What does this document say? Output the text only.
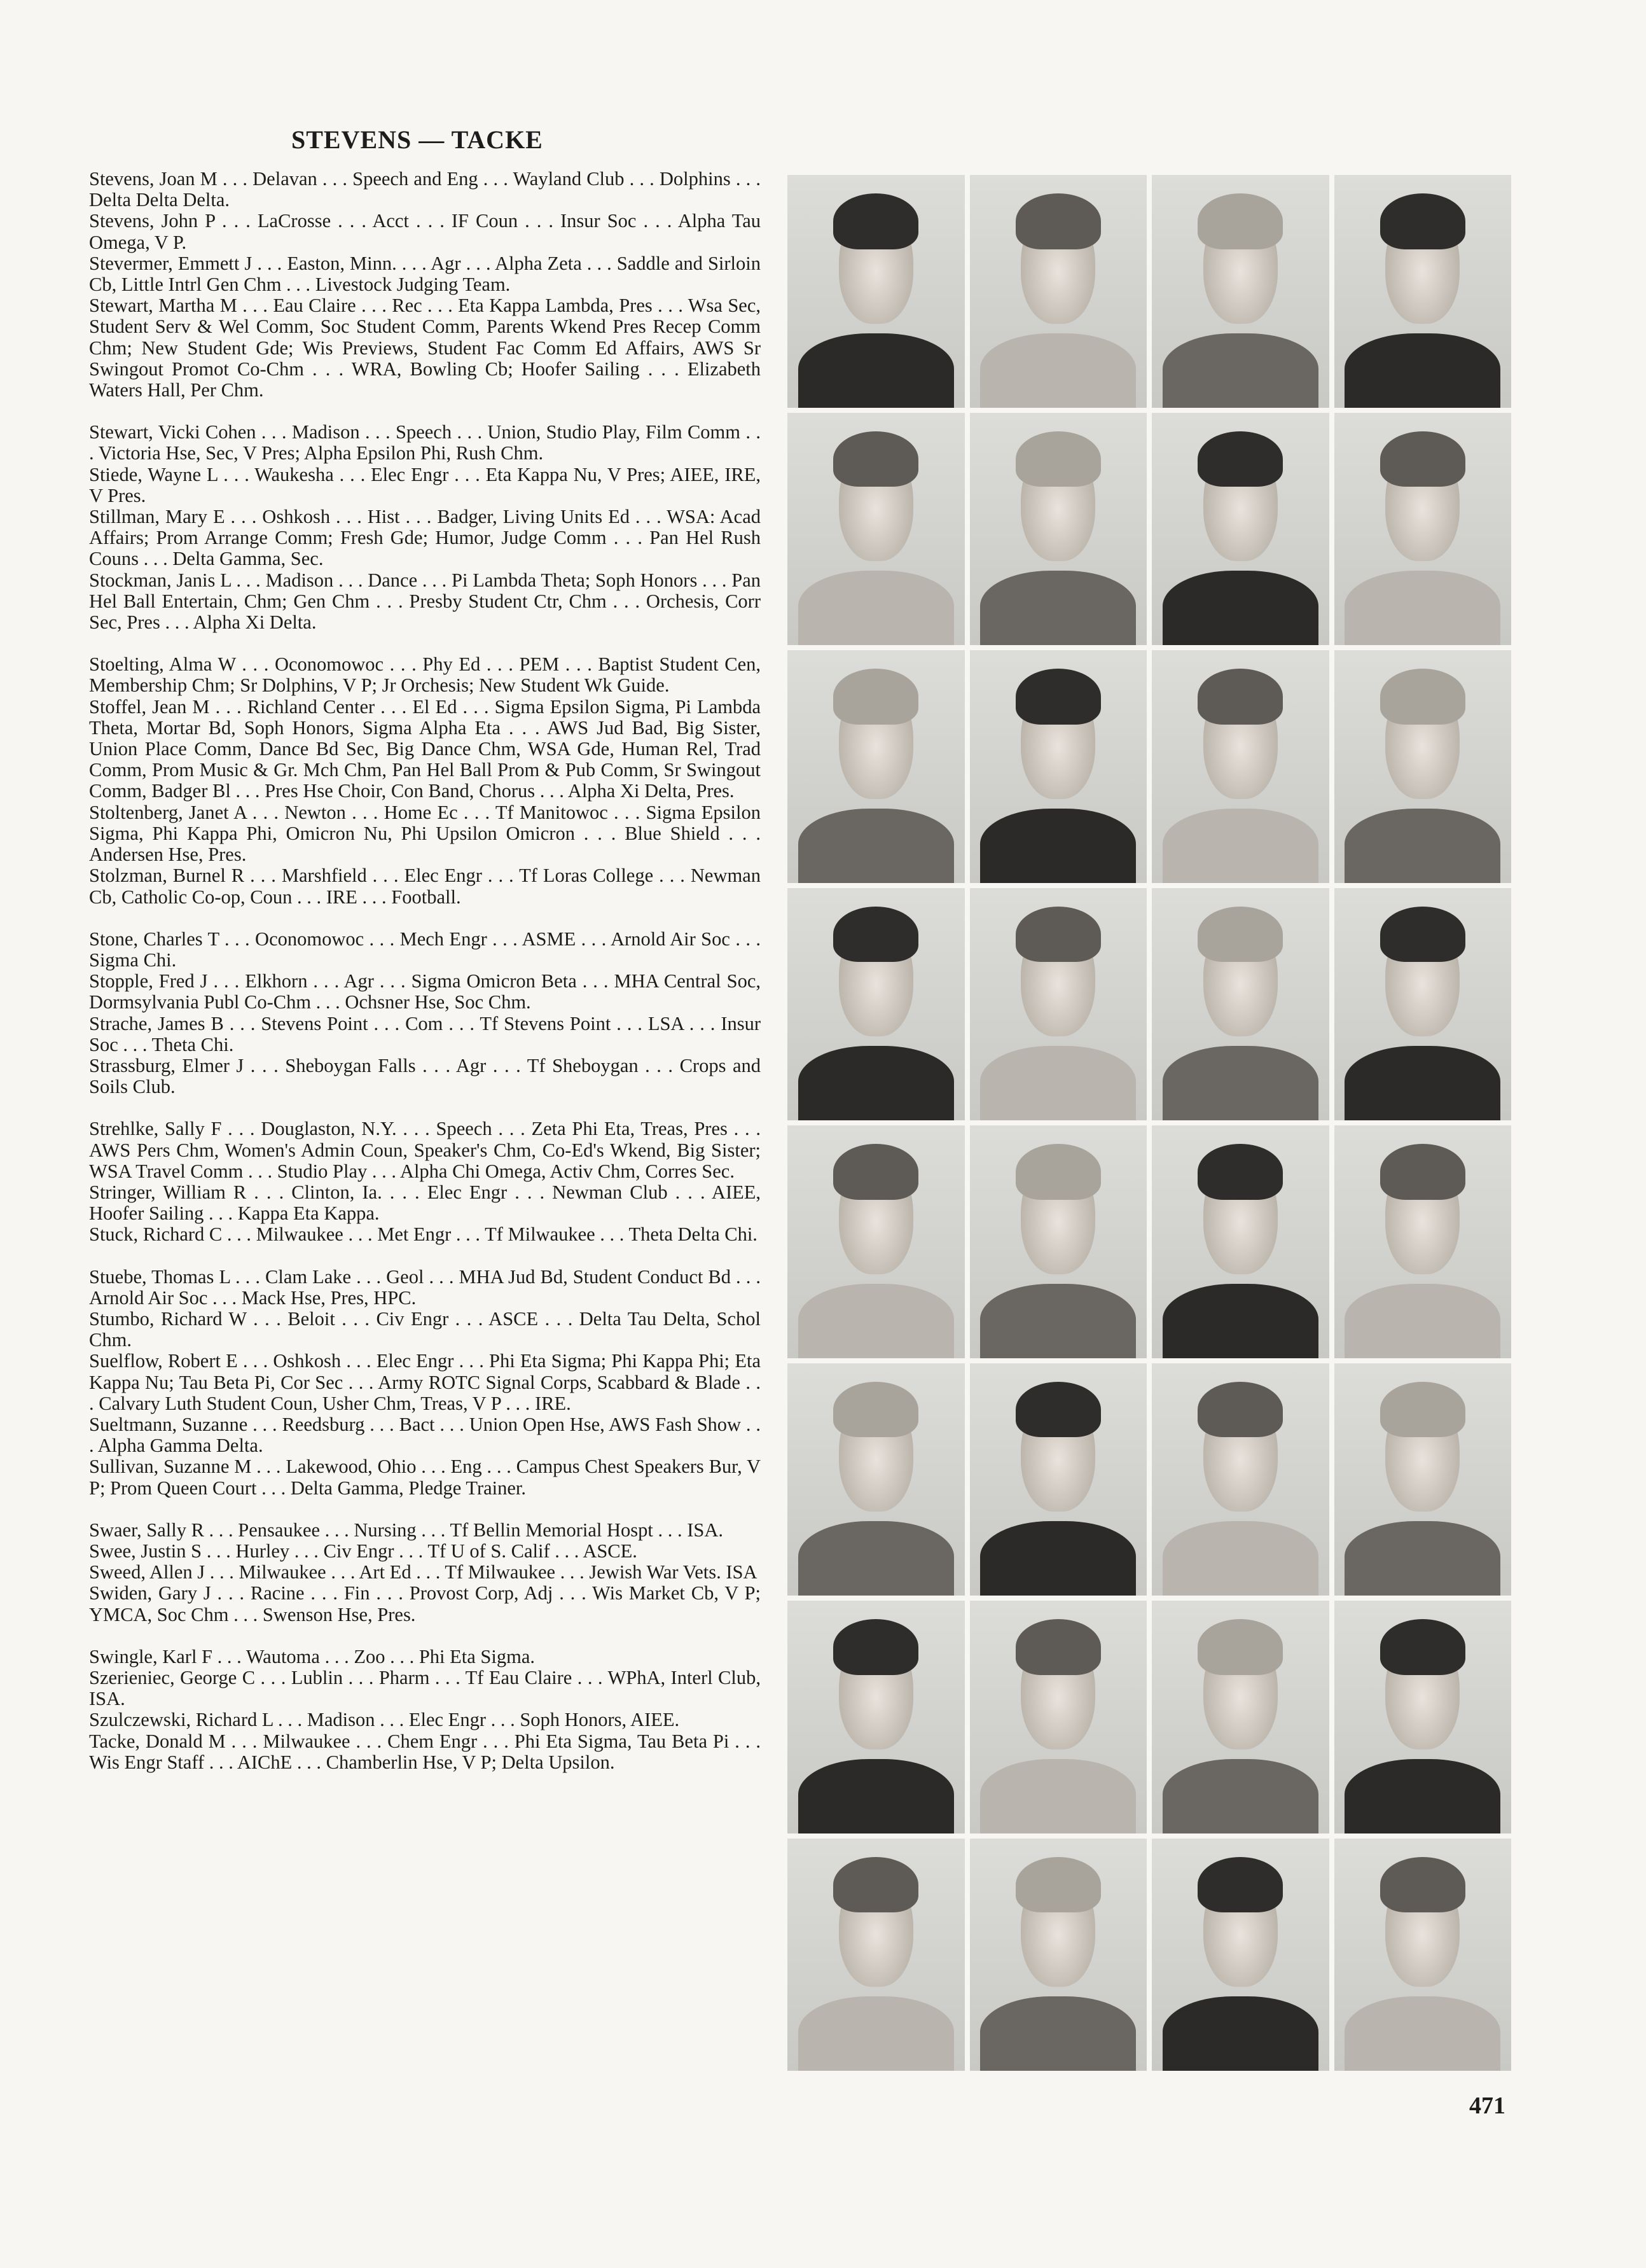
STEVENS — TACKE
Stevens, Joan M . . . Delavan . . . Speech and Eng . . . Wayland Club . . . Dolphins . . . Delta Delta Delta.
Stevens, John P . . . LaCrosse . . . Acct . . . IF Coun . . . Insur Soc . . . Alpha Tau Omega, V P.
Stevermer, Emmett J . . . Easton, Minn. . . . Agr . . . Alpha Zeta . . . Saddle and Sirloin Cb, Little Intrl Gen Chm . . . Livestock Judging Team.
Stewart, Martha M . . . Eau Claire . . . Rec . . . Eta Kappa Lambda, Pres . . . Wsa Sec, Student Serv & Wel Comm, Soc Student Comm, Parents Wkend Pres Recep Comm Chm; New Student Gde; Wis Previews, Student Fac Comm Ed Affairs, AWS Sr Swingout Promot Co-Chm . . . WRA, Bowling Cb; Hoofer Sailing . . . Elizabeth Waters Hall, Per Chm.
Stewart, Vicki Cohen . . . Madison . . . Speech . . . Union, Studio Play, Film Comm . . . Victoria Hse, Sec, V Pres; Alpha Epsilon Phi, Rush Chm.
Stiede, Wayne L . . . Waukesha . . . Elec Engr . . . Eta Kappa Nu, V Pres; AIEE, IRE, V Pres.
Stillman, Mary E . . . Oshkosh . . . Hist . . . Badger, Living Units Ed . . . WSA: Acad Affairs; Prom Arrange Comm; Fresh Gde; Humor, Judge Comm . . . Pan Hel Rush Couns . . . Delta Gamma, Sec.
Stockman, Janis L . . . Madison . . . Dance . . . Pi Lambda Theta; Soph Honors . . . Pan Hel Ball Entertain, Chm; Gen Chm . . . Presby Student Ctr, Chm . . . Orchesis, Corr Sec, Pres . . . Alpha Xi Delta.
Stoelting, Alma W . . . Oconomowoc . . . Phy Ed . . . PEM . . . Baptist Student Cen, Membership Chm; Sr Dolphins, V P; Jr Orchesis; New Student Wk Guide.
Stoffel, Jean M . . . Richland Center . . . El Ed . . . Sigma Epsilon Sigma, Pi Lambda Theta, Mortar Bd, Soph Honors, Sigma Alpha Eta . . . AWS Jud Bad, Big Sister, Union Place Comm, Dance Bd Sec, Big Dance Chm, WSA Gde, Human Rel, Trad Comm, Prom Music & Gr. Mch Chm, Pan Hel Ball Prom & Pub Comm, Sr Swingout Comm, Badger Bl . . . Pres Hse Choir, Con Band, Chorus . . . Alpha Xi Delta, Pres.
Stoltenberg, Janet A . . . Newton . . . Home Ec . . . Tf Manitowoc . . . Sigma Epsilon Sigma, Phi Kappa Phi, Omicron Nu, Phi Upsilon Omicron . . . Blue Shield . . . Andersen Hse, Pres.
Stolzman, Burnel R . . . Marshfield . . . Elec Engr . . . Tf Loras College . . . Newman Cb, Catholic Co-op, Coun . . . IRE . . . Football.
Stone, Charles T . . . Oconomowoc . . . Mech Engr . . . ASME . . . Arnold Air Soc . . . Sigma Chi.
Stopple, Fred J . . . Elkhorn . . . Agr . . . Sigma Omicron Beta . . . MHA Central Soc, Dormsylvania Publ Co-Chm . . . Ochsner Hse, Soc Chm.
Strache, James B . . . Stevens Point . . . Com . . . Tf Stevens Point . . . LSA . . . Insur Soc . . . Theta Chi.
Strassburg, Elmer J . . . Sheboygan Falls . . . Agr . . . Tf Sheboygan . . . Crops and Soils Club.
Strehlke, Sally F . . . Douglaston, N.Y. . . . Speech . . . Zeta Phi Eta, Treas, Pres . . . AWS Pers Chm, Women's Admin Coun, Speaker's Chm, Co-Ed's Wkend, Big Sister; WSA Travel Comm . . . Studio Play . . . Alpha Chi Omega, Activ Chm, Corres Sec.
Stringer, William R . . . Clinton, Ia. . . . Elec Engr . . . Newman Club . . . AIEE, Hoofer Sailing . . . Kappa Eta Kappa.
Stuck, Richard C . . . Milwaukee . . . Met Engr . . . Tf Milwaukee . . . Theta Delta Chi.
Stuebe, Thomas L . . . Clam Lake . . . Geol . . . MHA Jud Bd, Student Conduct Bd . . . Arnold Air Soc . . . Mack Hse, Pres, HPC.
Stumbo, Richard W . . . Beloit . . . Civ Engr . . . ASCE . . . Delta Tau Delta, Schol Chm.
Suelflow, Robert E . . . Oshkosh . . . Elec Engr . . . Phi Eta Sigma; Phi Kappa Phi; Eta Kappa Nu; Tau Beta Pi, Cor Sec . . . Army ROTC Signal Corps, Scabbard & Blade . . . Calvary Luth Student Coun, Usher Chm, Treas, V P . . . IRE.
Sueltmann, Suzanne . . . Reedsburg . . . Bact . . . Union Open Hse, AWS Fash Show . . . Alpha Gamma Delta.
Sullivan, Suzanne M . . . Lakewood, Ohio . . . Eng . . . Campus Chest Speakers Bur, V P; Prom Queen Court . . . Delta Gamma, Pledge Trainer.
Swaer, Sally R . . . Pensaukee . . . Nursing . . . Tf Bellin Memorial Hospt . . . ISA.
Swee, Justin S . . . Hurley . . . Civ Engr . . . Tf U of S. Calif . . . ASCE.
Sweed, Allen J . . . Milwaukee . . . Art Ed . . . Tf Milwaukee . . . Jewish War Vets. ISA
Swiden, Gary J . . . Racine . . . Fin . . . Provost Corp, Adj . . . Wis Market Cb, V P; YMCA, Soc Chm . . . Swenson Hse, Pres.
Swingle, Karl F . . . Wautoma . . . Zoo . . . Phi Eta Sigma.
Szerieniec, George C . . . Lublin . . . Pharm . . . Tf Eau Claire . . . WPhA, Interl Club, ISA.
Szulczewski, Richard L . . . Madison . . . Elec Engr . . . Soph Honors, AIEE.
Tacke, Donald M . . . Milwaukee . . . Chem Engr . . . Phi Eta Sigma, Tau Beta Pi . . . Wis Engr Staff . . . AIChE . . . Chamberlin Hse, V P; Delta Upsilon.
471
